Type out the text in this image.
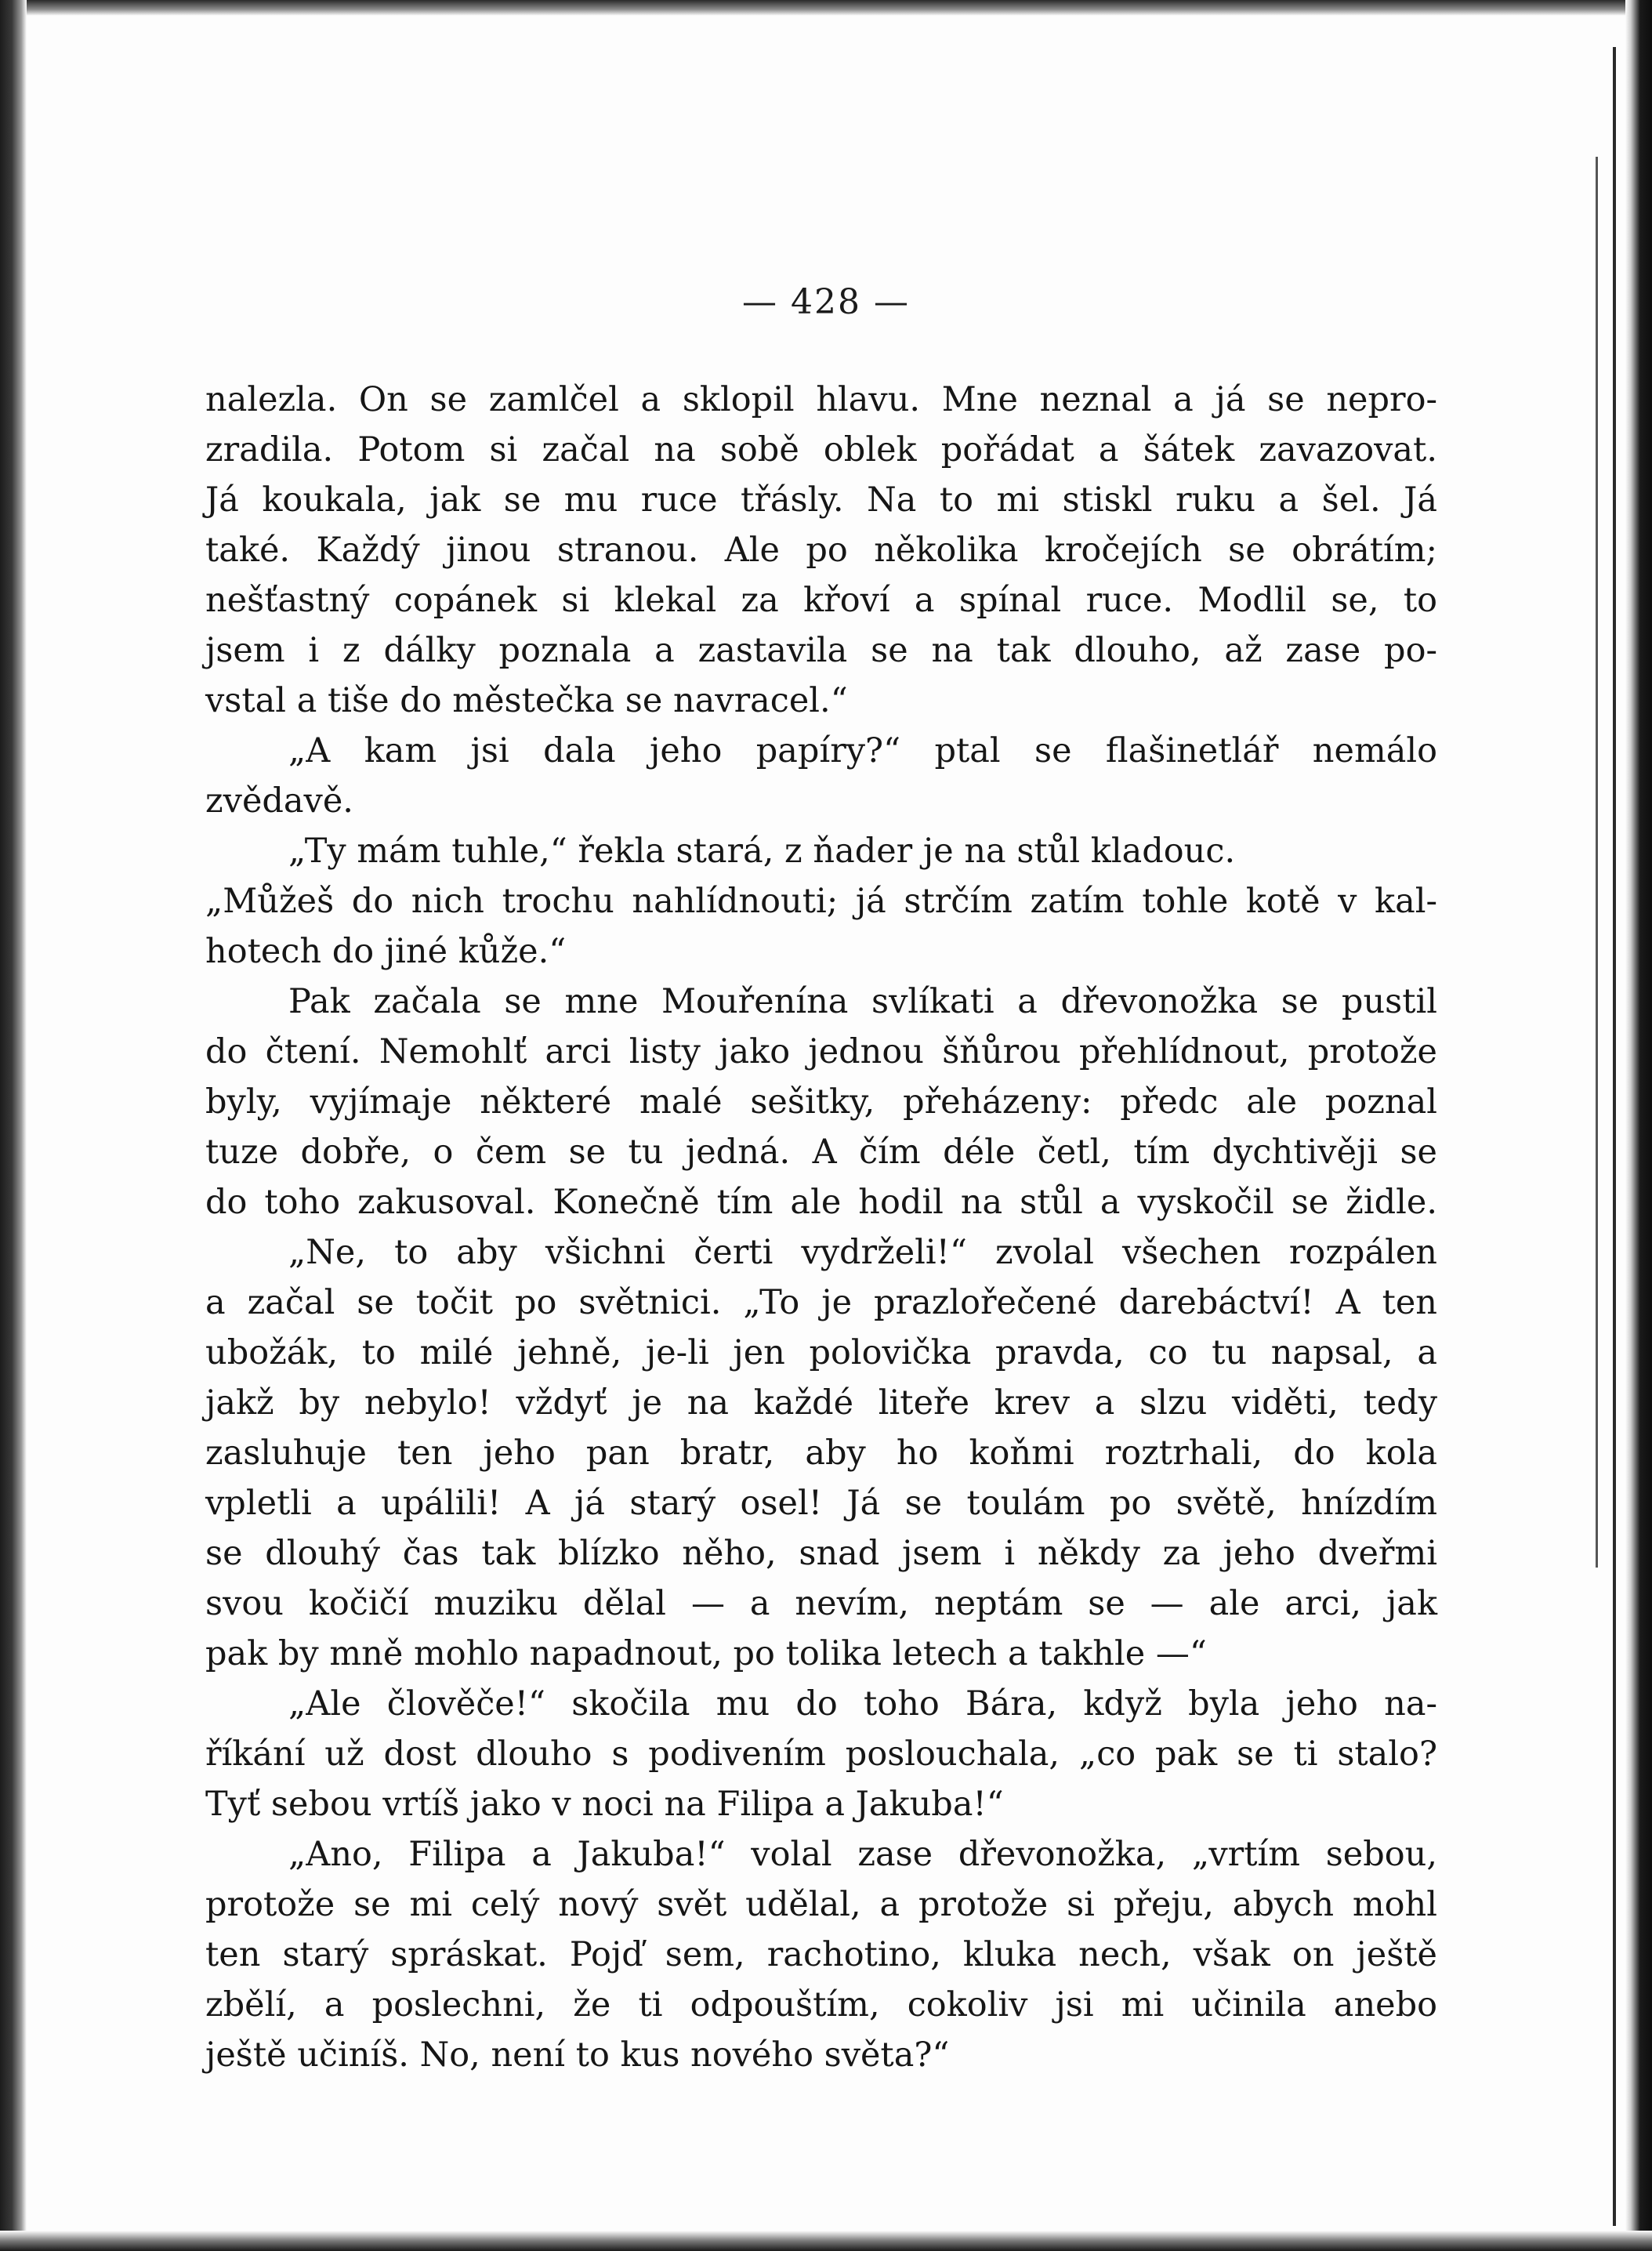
— 428 —
nalezla. On se zamlčel a sklopil hlavu. Mne neznal a já se nepro-
zradila. Potom si začal na sobě oblek pořádat a šátek zavazovat.
Já koukala, jak se mu ruce třásly. Na to mi stiskl ruku a šel. Já
také. Každý jinou stranou. Ale po několika kročejích se obrátím;
nešťastný copánek si klekal za křoví a spínal ruce. Modlil se, to
jsem i z dálky poznala a zastavila se na tak dlouho, až zase po-
vstal a tiše do městečka se navracel.“
„A kam jsi dala jeho papíry?“ ptal se flašinetlář nemálo
zvědavě.
„Ty mám tuhle,“ řekla stará, z ňader je na stůl kladouc.
„Můžeš do nich trochu nahlídnouti; já strčím zatím tohle kotě v kal-
hotech do jiné kůže.“
Pak začala se mne Mouřenína svlíkati a dřevonožka se pustil
do čtení. Nemohlť arci listy jako jednou šňůrou přehlídnout, protože
byly, vyjímaje některé malé sešitky, přeházeny: předc ale poznal
tuze dobře, o čem se tu jedná. A čím déle četl, tím dychtivěji se
do toho zakusoval. Konečně tím ale hodil na stůl a vyskočil se židle.
„Ne, to aby všichni čerti vydrželi!“ zvolal všechen rozpálen
a začal se točit po světnici. „To je prazlořečené darebáctví! A ten
ubožák, to milé jehně, je-li jen polovička pravda, co tu napsal, a
jakž by nebylo! vždyť je na každé liteře krev a slzu viděti, tedy
zasluhuje ten jeho pan bratr, aby ho koňmi roztrhali, do kola
vpletli a upálili! A já starý osel! Já se toulám po světě, hnízdím
se dlouhý čas tak blízko něho, snad jsem i někdy za jeho dveřmi
svou kočičí muziku dělal — a nevím, neptám se — ale arci, jak
pak by mně mohlo napadnout, po tolika letech a takhle —“
„Ale člověče!“ skočila mu do toho Bára, když byla jeho na-
říkání už dost dlouho s podivením poslouchala, „co pak se ti stalo?
Tyť sebou vrtíš jako v noci na Filipa a Jakuba!“
„Ano, Filipa a Jakuba!“ volal zase dřevonožka, „vrtím sebou,
protože se mi celý nový svět udělal, a protože si přeju, abych mohl
ten starý spráskat. Pojď sem, rachotino, kluka nech, však on ještě
zbělí, a poslechni, že ti odpouštím, cokoliv jsi mi učinila anebo
ještě učiníš. No, není to kus nového světa?“
